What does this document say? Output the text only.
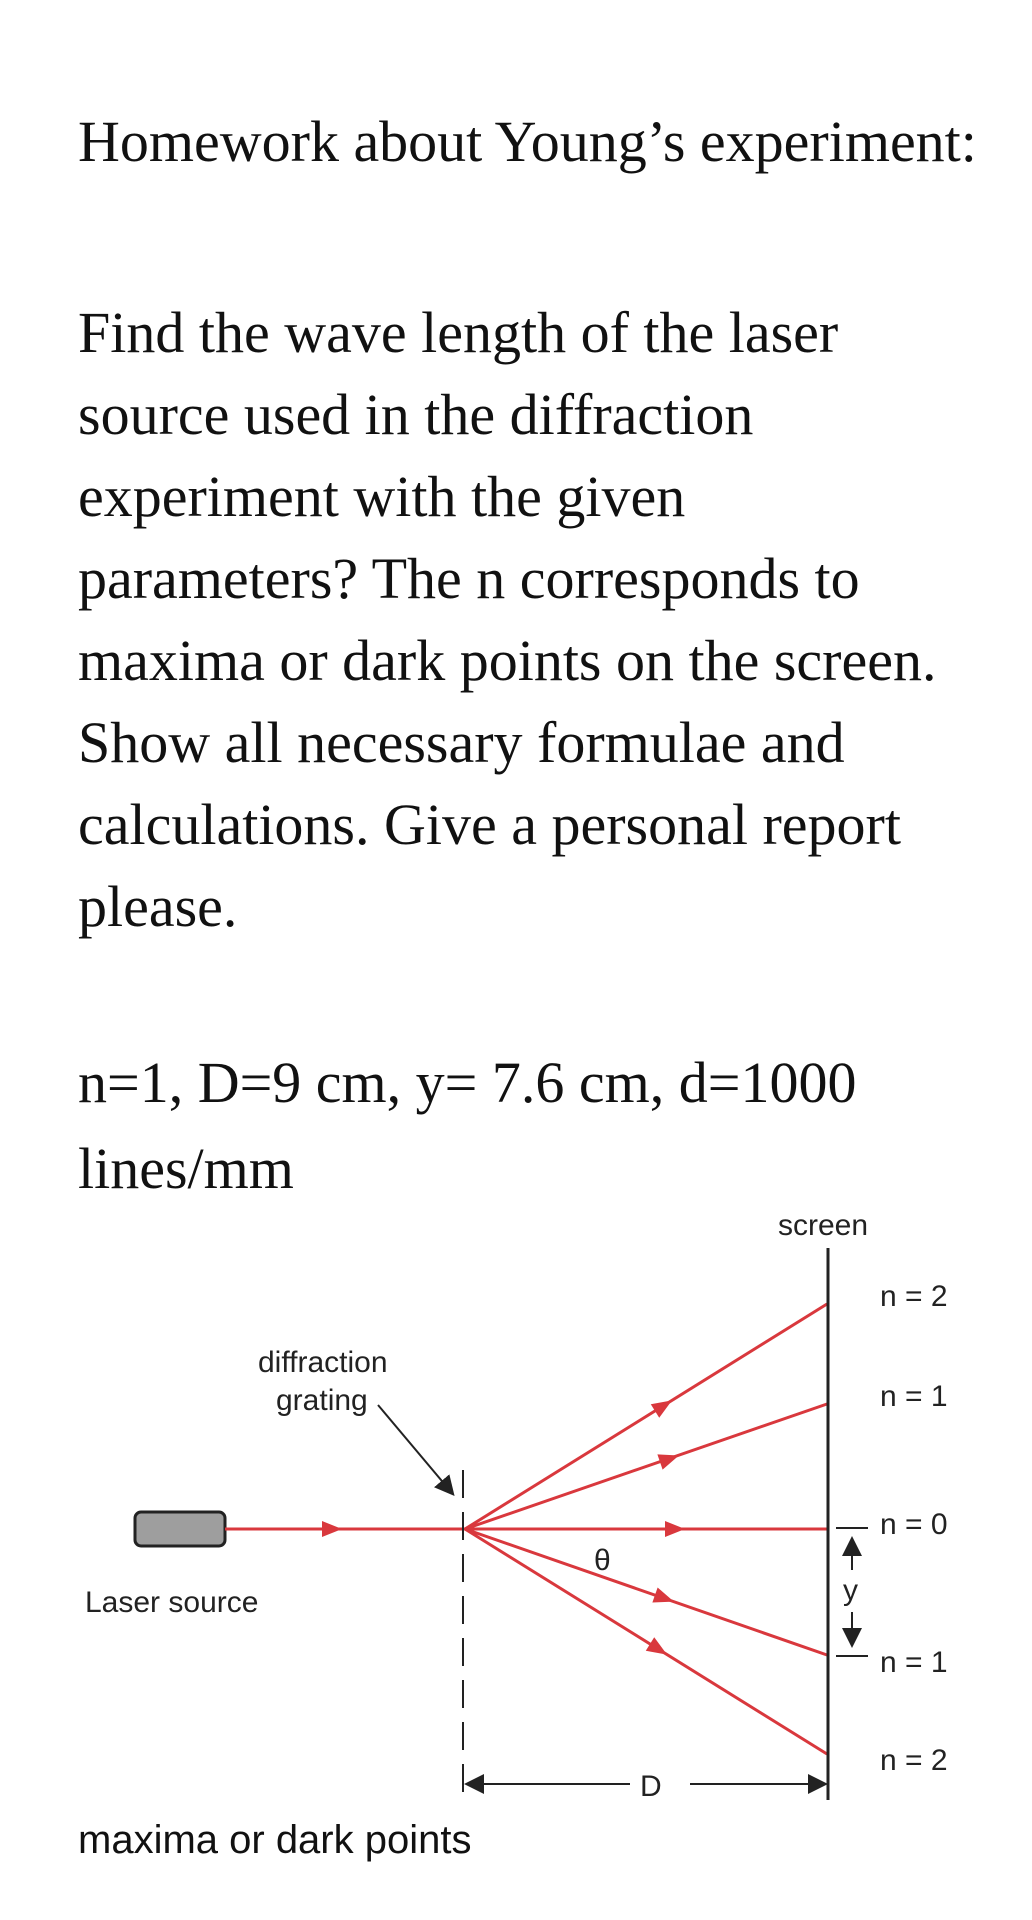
Homework about Young’s experiment:
Find the wave length of the laser source used in the diffraction experiment with the given parameters? The n corresponds to maxima or dark points on the screen. Show all necessary formulae and calculations. Give a personal report please.
n=1, D=9 cm, y= 7.6 cm, d=1000 lines/mm
Laser source
diffraction
grating
θ
screen
n = 2
n = 1
n = 0
n = 1
n = 2
y
D
maxima or dark points
